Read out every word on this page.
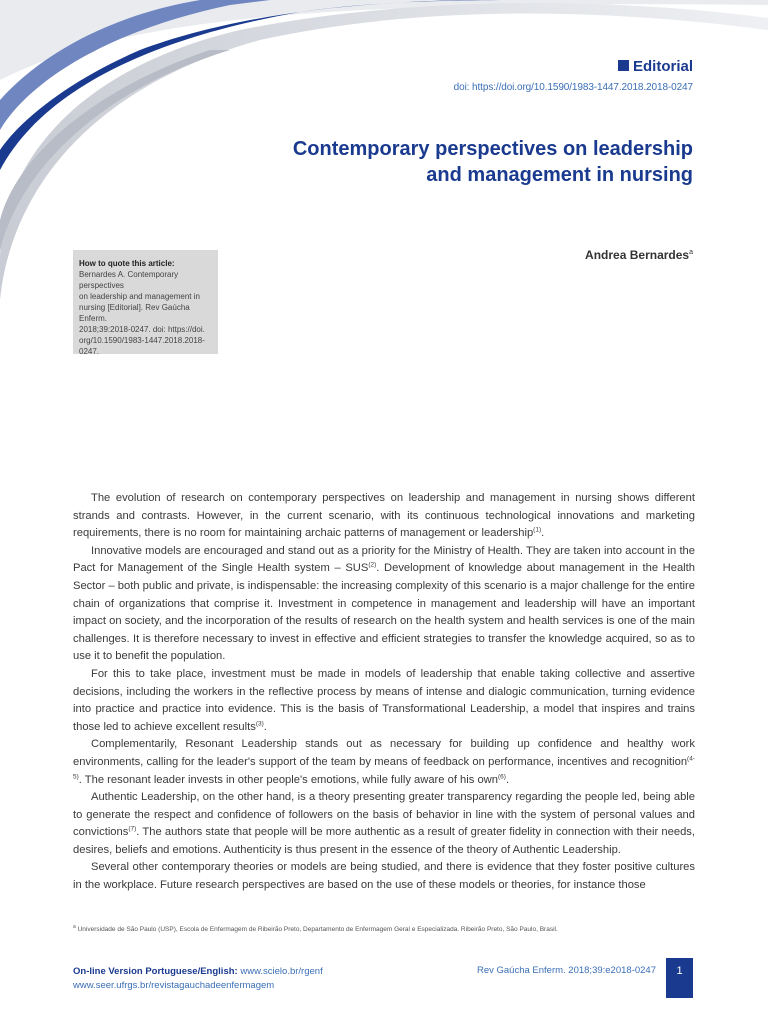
Editorial
doi: https://doi.org/10.1590/1983-1447.2018.2018-0247
Contemporary perspectives on leadership
and management in nursing
Andrea Bernardes$^a$
How to quote this article:
Bernardes A. Contemporary perspectives
on leadership and management in
nursing [Editorial]. Rev Gaúcha Enferm.
2018;39:2018-0247. doi: https://doi.
org/10.1590/1983-1447.2018.2018-
0247.

The evolution of research on contemporary perspectives on leadership and management in nursing shows different strands and contrasts. However, in the current scenario, with its continuous technological innovations and marketing requirements, there is no room for maintaining archaic patterns of management or leadership$^{(1)}$.

Innovative models are encouraged and stand out as a priority for the Ministry of Health. They are taken into account in the Pact for Management of the Single Health system – SUS$^{(2)}$. Development of knowledge about management in the Health Sector – both public and private, is indispensable: the increasing complexity of this scenario is a major challenge for the entire chain of organizations that comprise it. Investment in competence in management and leadership will have an important impact on society, and the incorporation of the results of research on the health system and health services is one of the main challenges. It is therefore necessary to invest in effective and efficient strategies to transfer the knowledge acquired, so as to use it to benefit the population.

For this to take place, investment must be made in models of leadership that enable taking collective and assertive decisions, including the workers in the reflective process by means of intense and dialogic communication, turning evidence into practice and practice into evidence. This is the basis of Transformational Leadership, a model that inspires and trains those led to achieve excellent results$^{(3)}$.

Complementarily, Resonant Leadership stands out as necessary for building up confidence and healthy work environments, calling for the leader's support of the team by means of feedback on performance, incentives and recognition$^{(4-5)}$. The resonant leader invests in other people's emotions, while fully aware of his own$^{(6)}$.

Authentic Leadership, on the other hand, is a theory presenting greater transparency regarding the people led, being able to generate the respect and confidence of followers on the basis of behavior in line with the system of personal values and convictions$^{(7)}$. The authors state that people will be more authentic as a result of greater fidelity in connection with their needs, desires, beliefs and emotions. Authenticity is thus present in the essence of the theory of Authentic Leadership.

Several other contemporary theories or models are being studied, and there is evidence that they foster positive cultures in the workplace. Future research perspectives are based on the use of these models or theories, for instance those

$^a$ Universidade de São Paulo (USP), Escola de Enfermagem de Ribeirão Preto, Departamento de Enfermagem Geral e Especializada. Ribeirão Preto, São Paulo, Brasil.
On-line Version Portuguese/English: www.scielo.br/rgenf
www.seer.ufrgs.br/revistagauchadeenfermagem
Rev Gaúcha Enferm. 2018;39:e2018-0247	1
